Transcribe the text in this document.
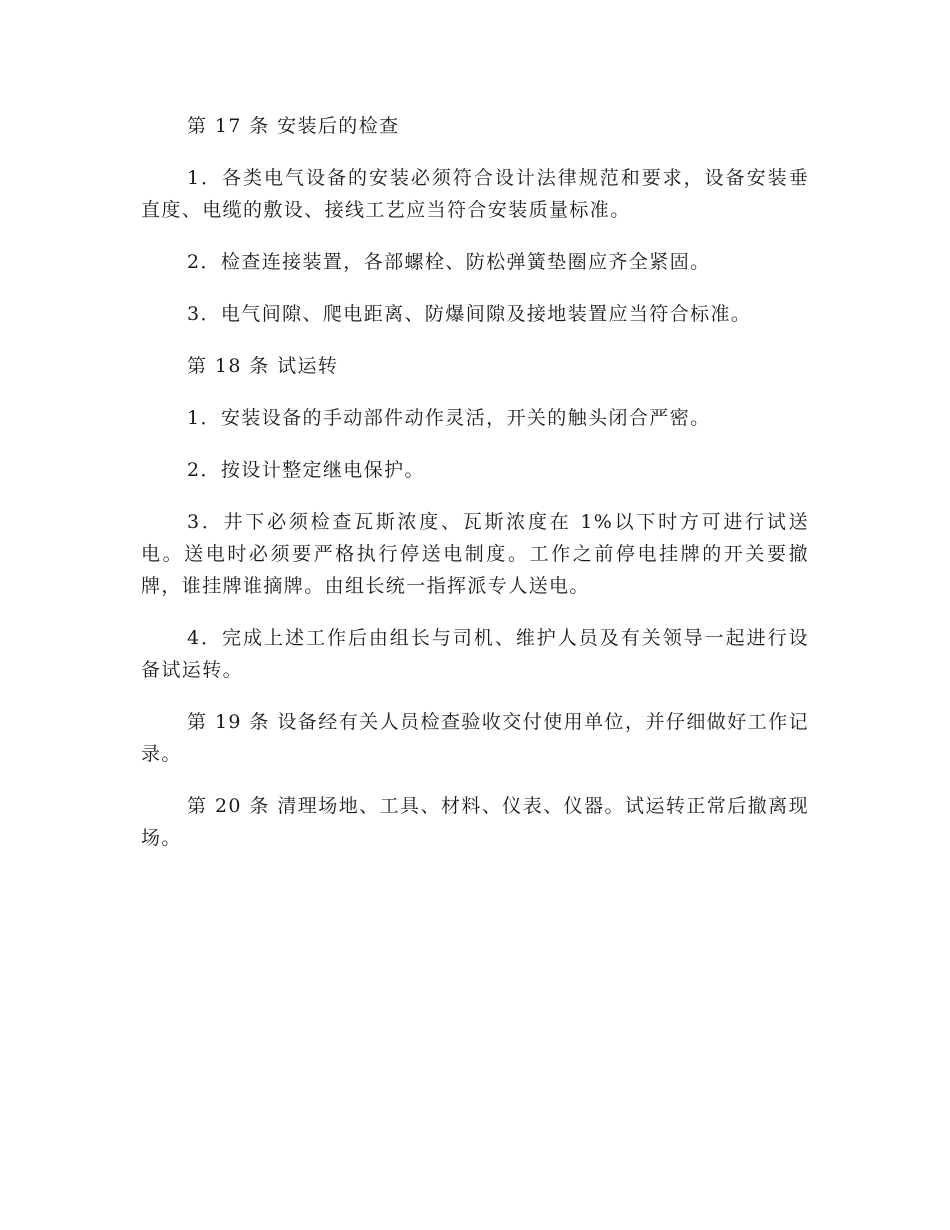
第 17 条 安装后的检查

1．各类电气设备的安装必须符合设计法律规范和要求，设备安装垂直度、电缆的敷设、接线工艺应当符合安装质量标准。

2．检查连接装置，各部螺栓、防松弹簧垫圈应齐全紧固。

3．电气间隙、爬电距离、防爆间隙及接地装置应当符合标准。

第 18 条 试运转

1．安装设备的手动部件动作灵活，开关的触头闭合严密。

2．按设计整定继电保护。

3．井下必须检查瓦斯浓度、瓦斯浓度在 1%以下时方可进行试送电。送电时必须要严格执行停送电制度。工作之前停电挂牌的开关要撤牌，谁挂牌谁摘牌。由组长统一指挥派专人送电。

4．完成上述工作后由组长与司机、维护人员及有关领导一起进行设备试运转。

第 19 条 设备经有关人员检查验收交付使用单位，并仔细做好工作记录。

第 20 条 清理场地、工具、材料、仪表、仪器。试运转正常后撤离现场。
